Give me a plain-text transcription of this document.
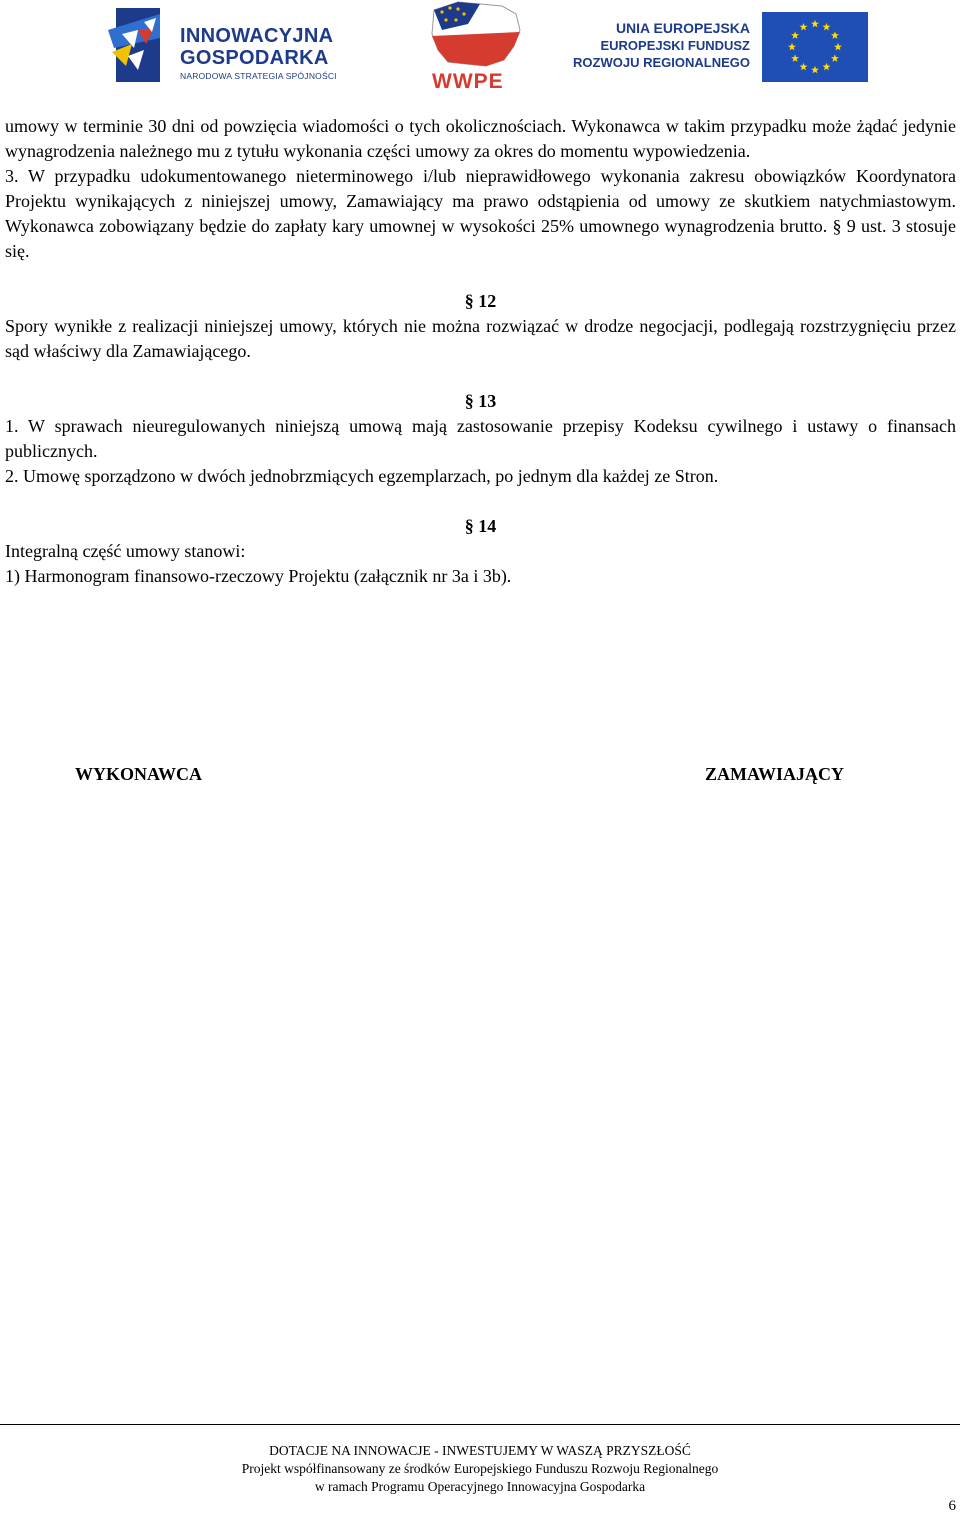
INNOWACYJNA
GOSPODARKA
NARODOWA STRATEGIA SPÓJNOŚCI	WWPE
UNIA EUROPEJSKA
EUROPEJSKI FUNDUSZ
ROZWOJU REGIONALNEGO

umowy w terminie 30 dni od powzięcia wiadomości o tych okolicznościach. Wykonawca w takim przypadku może żądać jedynie wynagrodzenia należnego mu z tytułu wykonania części umowy za okres do momentu wypowiedzenia.

3. W przypadku udokumentowanego nieterminowego i/lub nieprawidłowego wykonania zakresu obowiązków Koordynatora Projektu wynikających z niniejszej umowy, Zamawiający ma prawo odstąpienia od umowy ze skutkiem natychmiastowym. Wykonawca zobowiązany będzie do zapłaty kary umownej w wysokości 25% umownego wynagrodzenia brutto. § 9 ust. 3 stosuje się.

§ 12

Spory wynikłe z realizacji niniejszej umowy, których nie można rozwiązać w drodze negocjacji, podlegają rozstrzygnięciu przez sąd właściwy dla Zamawiającego.

§ 13

1. W sprawach nieuregulowanych niniejszą umową mają zastosowanie przepisy Kodeksu cywilnego i ustawy o finansach publicznych.

2. Umowę sporządzono w dwóch jednobrzmiących egzemplarzach, po jednym dla każdej ze Stron.

§ 14

Integralną część umowy stanowi:

1) Harmonogram finansowo-rzeczowy Projektu (załącznik nr 3a i 3b).

WYKONAWCA	ZAMAWIAJĄCY
DOTACJE NA INNOWACJE - INWESTUJEMY W WASZĄ PRZYSZŁOŚĆ
Projekt współfinansowany ze środków Europejskiego Funduszu Rozwoju Regionalnego
w ramach Programu Operacyjnego Innowacyjna Gospodarka
6
